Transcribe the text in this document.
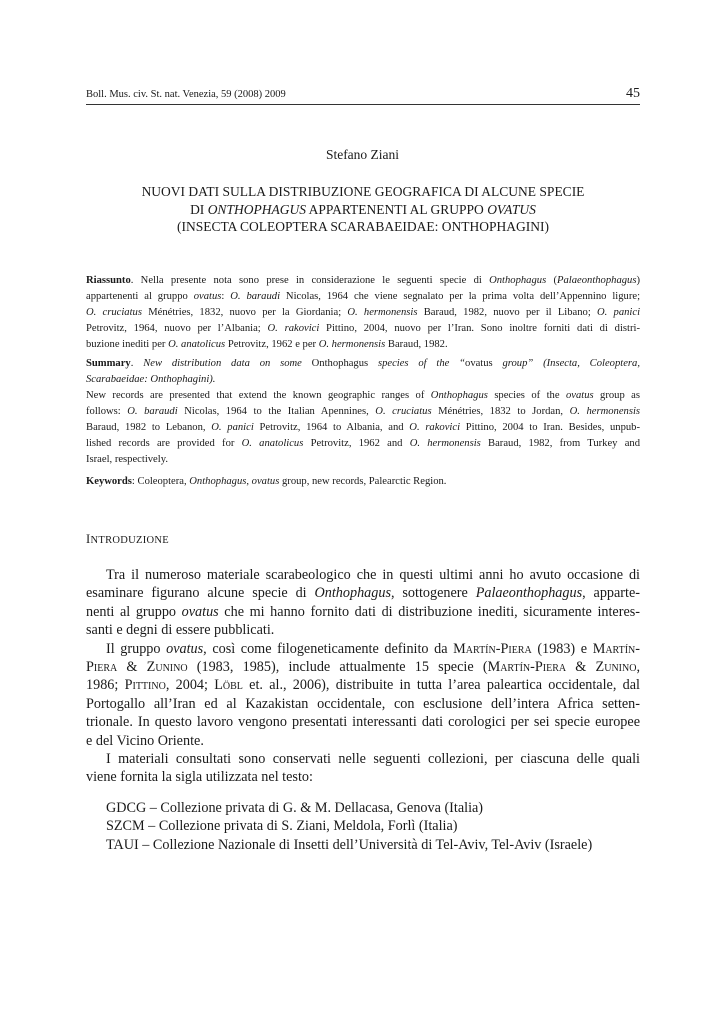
Boll. Mus. civ. St. nat. Venezia, 59 (2008) 2009	45
Stefano Ziani
NUOVI DATI SULLA DISTRIBUZIONE GEOGRAFICA DI ALCUNE SPECIE
DI ONTHOPHAGUS APPARTENENTI AL GRUPPO OVATUS
(INSECTA COLEOPTERA SCARABAEIDAE: ONTHOPHAGINI)
Riassunto. Nella presente nota sono prese in considerazione le seguenti specie di Onthophagus (Palaeonthophagus)
appartenenti al gruppo ovatus: O. baraudi Nicolas, 1964 che viene segnalato per la prima volta dell’Appennino ligure;
O. cruciatus Ménétries, 1832, nuovo per la Giordania; O. hermonensis Baraud, 1982, nuovo per il Libano; O. panici
Petrovitz, 1964, nuovo per l’Albania; O. rakovici Pittino, 2004, nuovo per l’Iran. Sono inoltre forniti dati di distri-
buzione inediti per O. anatolicus Petrovitz, 1962 e per O. hermonensis Baraud, 1982.
Summary. New distribution data on some Onthophagus species of the “ovatus group” (Insecta, Coleoptera,
Scarabaeidae: Onthophagini).
New records are presented that extend the known geographic ranges of Onthophagus species of the ovatus group as
follows: O. baraudi Nicolas, 1964 to the Italian Apennines, O. cruciatus Ménétries, 1832 to Jordan, O. hermonensis
Baraud, 1982 to Lebanon, O. panici Petrovitz, 1964 to Albania, and O. rakovici Pittino, 2004 to Iran. Besides, unpub-
lished records are provided for O. anatolicus Petrovitz, 1962 and O. hermonensis Baraud, 1982, from Turkey and
Israel, respectively.
Keywords: Coleoptera, Onthophagus, ovatus group, new records, Palearctic Region.
INTRODUZIONE
Tra il numeroso materiale scarabeologico che in questi ultimi anni ho avuto occasione di
esaminare figurano alcune specie di Onthophagus, sottogenere Palaeonthophagus, apparte-
nenti al gruppo ovatus che mi hanno fornito dati di distribuzione inediti, sicuramente interes-
santi e degni di essere pubblicati.
Il gruppo ovatus, così come filogeneticamente definito da Martín-Piera (1983) e Martín-
Piera & Zunino (1983, 1985), include attualmente 15 specie (Martín-Piera & Zunino,
1986; Pittino, 2004; Löbl et. al., 2006), distribuite in tutta l’area paleartica occidentale, dal
Portogallo all’Iran ed al Kazakistan occidentale, con esclusione dell’intera Africa setten-
trionale. In questo lavoro vengono presentati interessanti dati corologici per sei specie europee
e del Vicino Oriente.
I materiali consultati sono conservati nelle seguenti collezioni, per ciascuna delle quali
viene fornita la sigla utilizzata nel testo:
GDCG – Collezione privata di G. & M. Dellacasa, Genova (Italia)
SZCM – Collezione privata di S. Ziani, Meldola, Forlì (Italia)
TAUI – Collezione Nazionale di Insetti dell’Università di Tel-Aviv, Tel-Aviv (Israele)
